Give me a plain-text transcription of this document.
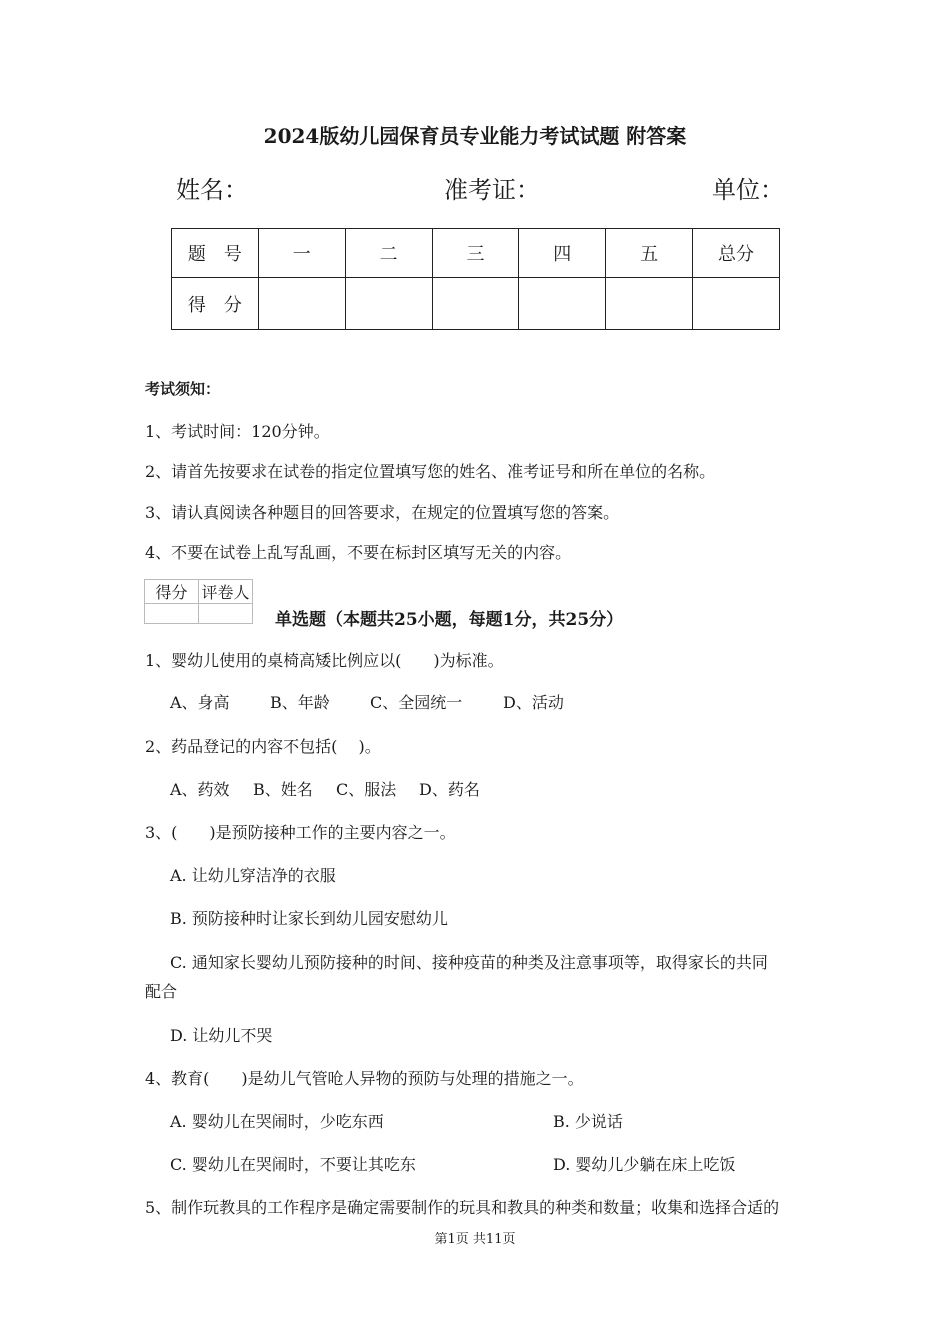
2024版幼儿园保育员专业能力考试试题 附答案
姓名：	准考证：	单位：
题　号	一	二	三	四	五	总分
得　分						
考试须知：
1、考试时间：120分钟。
2、请首先按要求在试卷的指定位置填写您的姓名、准考证号和所在单位的名称。
3、请认真阅读各种题目的回答要求，在规定的位置填写您的答案。
4、不要在试卷上乱写乱画，不要在标封区填写无关的内容。
得分	评卷人

单选题（本题共25小题，每题1分，共25分）
1、婴幼儿使用的桌椅高矮比例应以(　　)为标准。
A、身高	B、年龄	C、全园统一	D、活动
2、药品登记的内容不包括(　 )。
A、药效 B、姓名 C、服法 D、药名
3、(　　)是预防接种工作的主要内容之一。
A. 让幼儿穿洁净的衣服
B. 预防接种时让家长到幼儿园安慰幼儿
C. 通知家长婴幼儿预防接种的时间、接种疫苗的种类及注意事项等，取得家长的共同
配合
D. 让幼儿不哭
4、教育(　　)是幼儿气管呛人异物的预防与处理的措施之一。
A. 婴幼儿在哭闹时，少吃东西	B. 少说话
C. 婴幼儿在哭闹时，不要让其吃东	D. 婴幼儿少躺在床上吃饭
5、制作玩教具的工作程序是确定需要制作的玩具和教具的种类和数量；收集和选择合适的
第1页 共11页
